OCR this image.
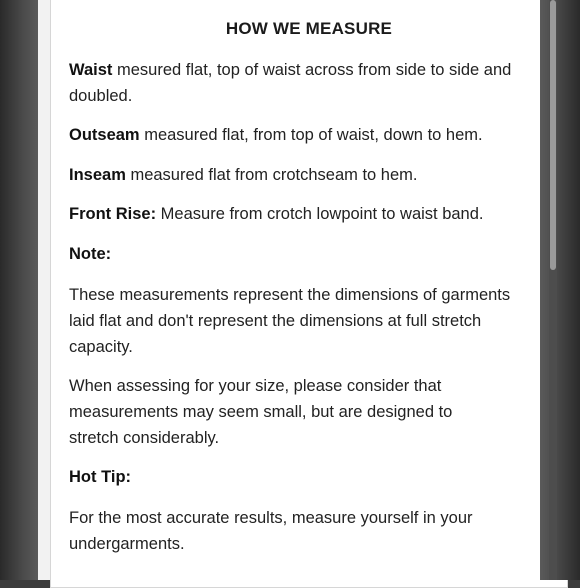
HOW WE MEASURE
Waist mesured flat, top of waist across from side to side and doubled.
Outseam measured flat, from top of waist, down to hem.
Inseam measured flat from crotchseam to hem.
Front Rise: Measure from crotch lowpoint to waist band.
Note:
These measurements represent the dimensions of garments laid flat and don't represent the dimensions at full stretch capacity.
When assessing for your size, please consider that measurements may seem small, but are designed to stretch considerably.
Hot Tip:
For the most accurate results, measure yourself in your undergarments.
